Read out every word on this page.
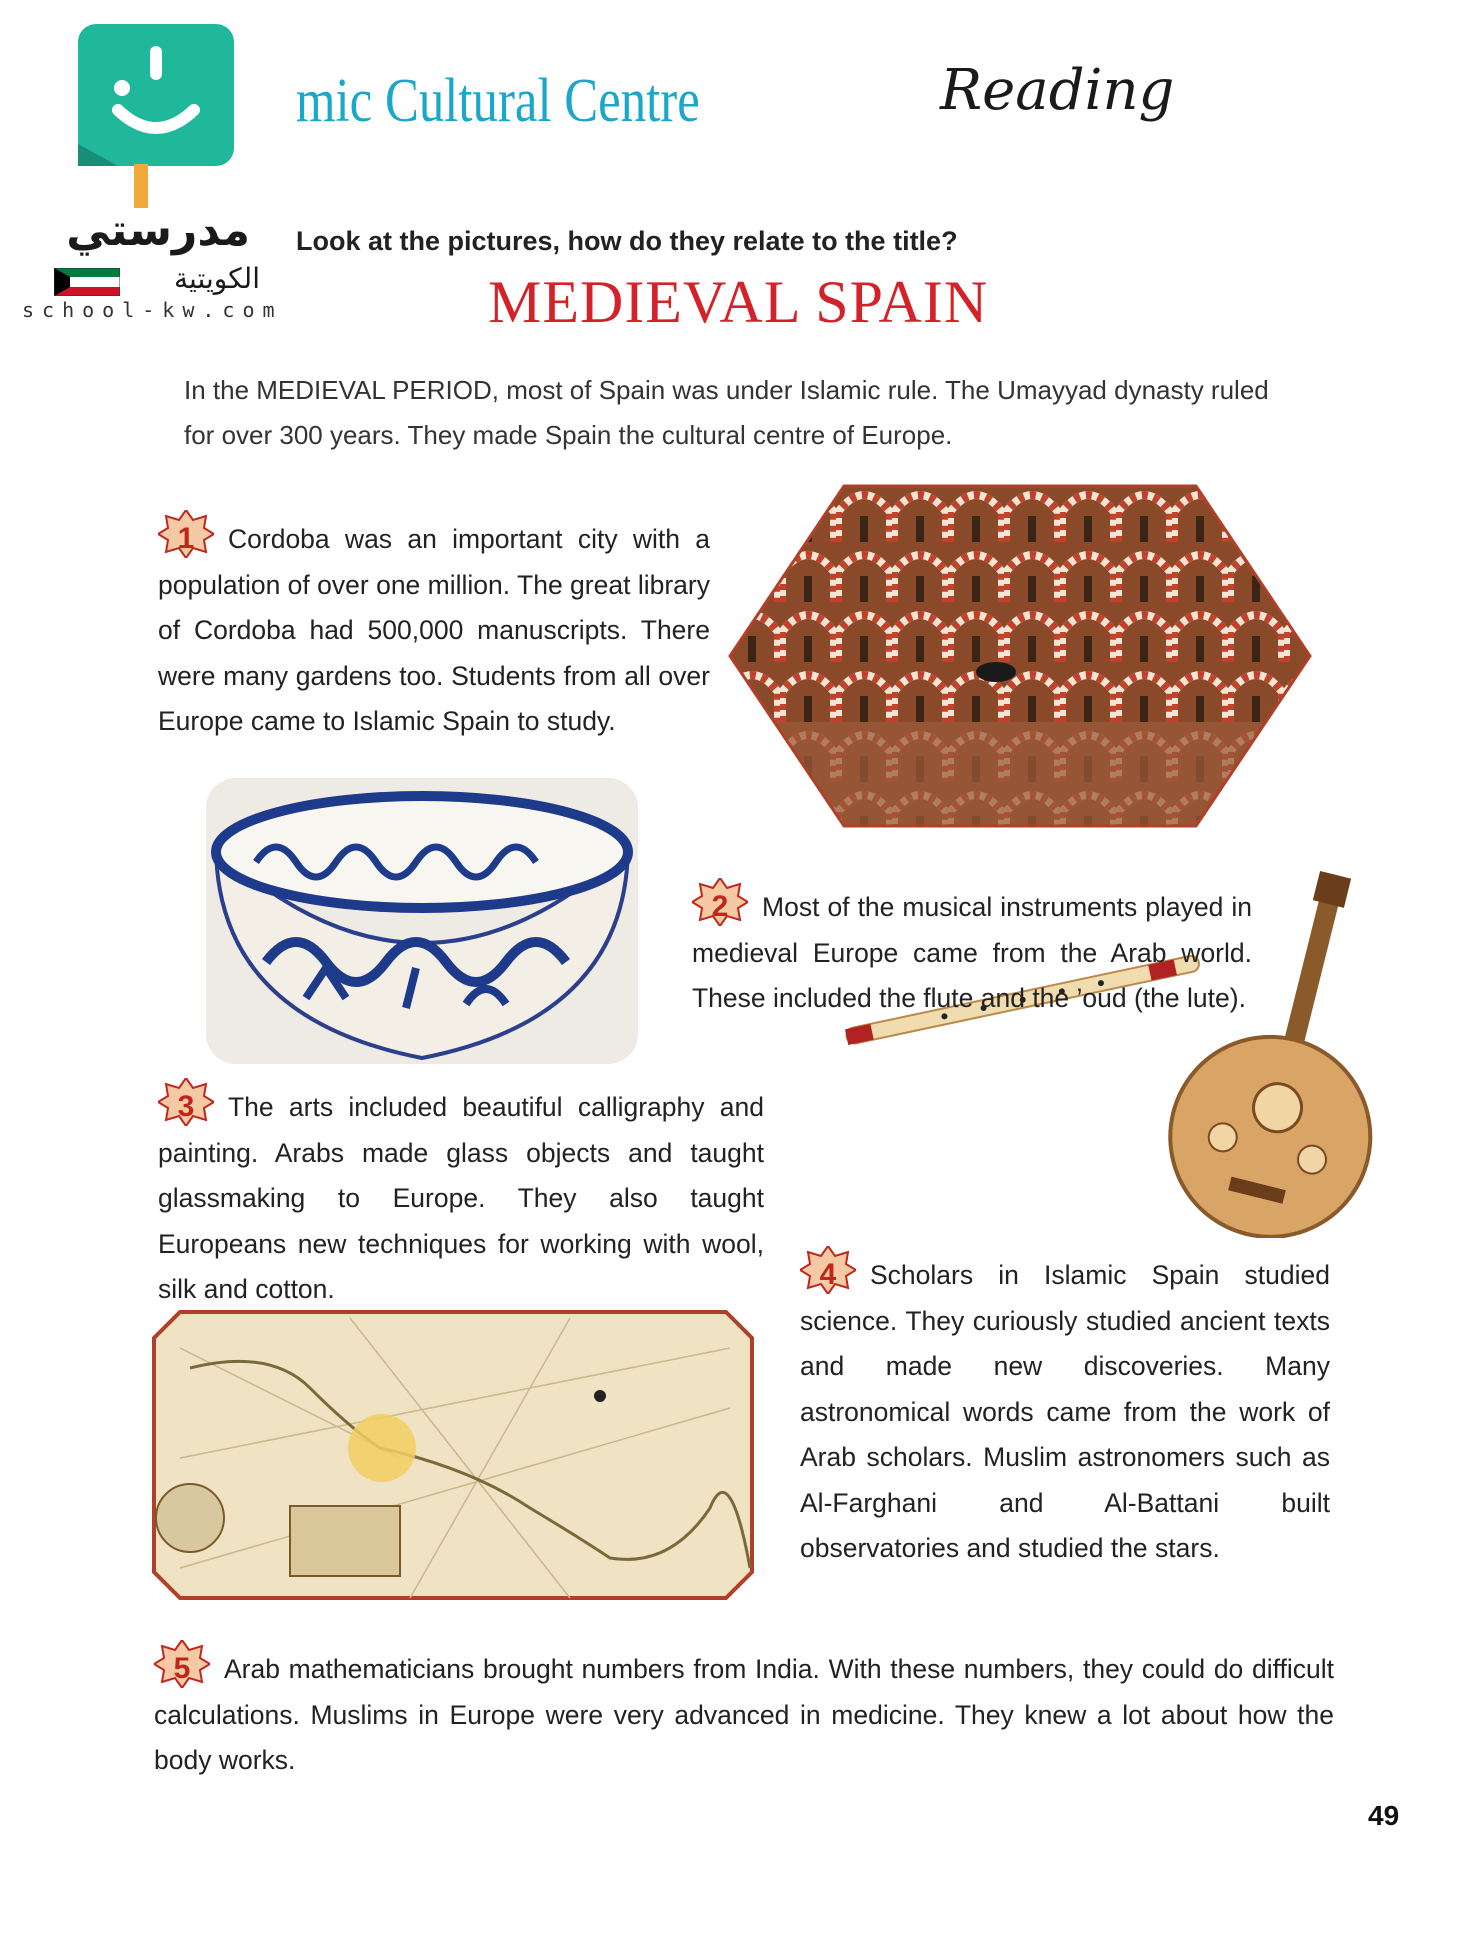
مدرستي
الكويتية
school-kw.com
mic Cultural Centre	Reading
Look at the pictures, how do they relate to the title?
MEDIEVAL SPAIN
In the MEDIEVAL PERIOD, most of Spain was under Islamic rule. The Umayyad dynasty ruled for over 300 years. They made Spain the cultural centre of Europe.
1	Cordoba was an important city with a population of over one million. The great library of Cordoba had 500,000 manuscripts. There were many gardens too. Students from all over Europe came to Islamic Spain to study.
2	Most of the musical instruments played in medieval Europe came from the Arab world. These included the flute and the ’oud (the lute).
3	The arts included beautiful calligraphy and painting. Arabs made glass objects and taught glassmaking to Europe. They also taught Europeans new techniques for working with wool, silk and cotton.	4	Scholars in Islamic Spain studied science. They curiously studied ancient texts and made new discoveries. Many astronomical words came from the work of Arab scholars. Muslim astronomers such as Al-Farghani and Al-Battani built observatories and studied the stars.
5	Arab mathematicians brought numbers from India. With these numbers, they could do difficult calculations. Muslims in Europe were very advanced in medicine. They knew a lot about how the body works.
49
